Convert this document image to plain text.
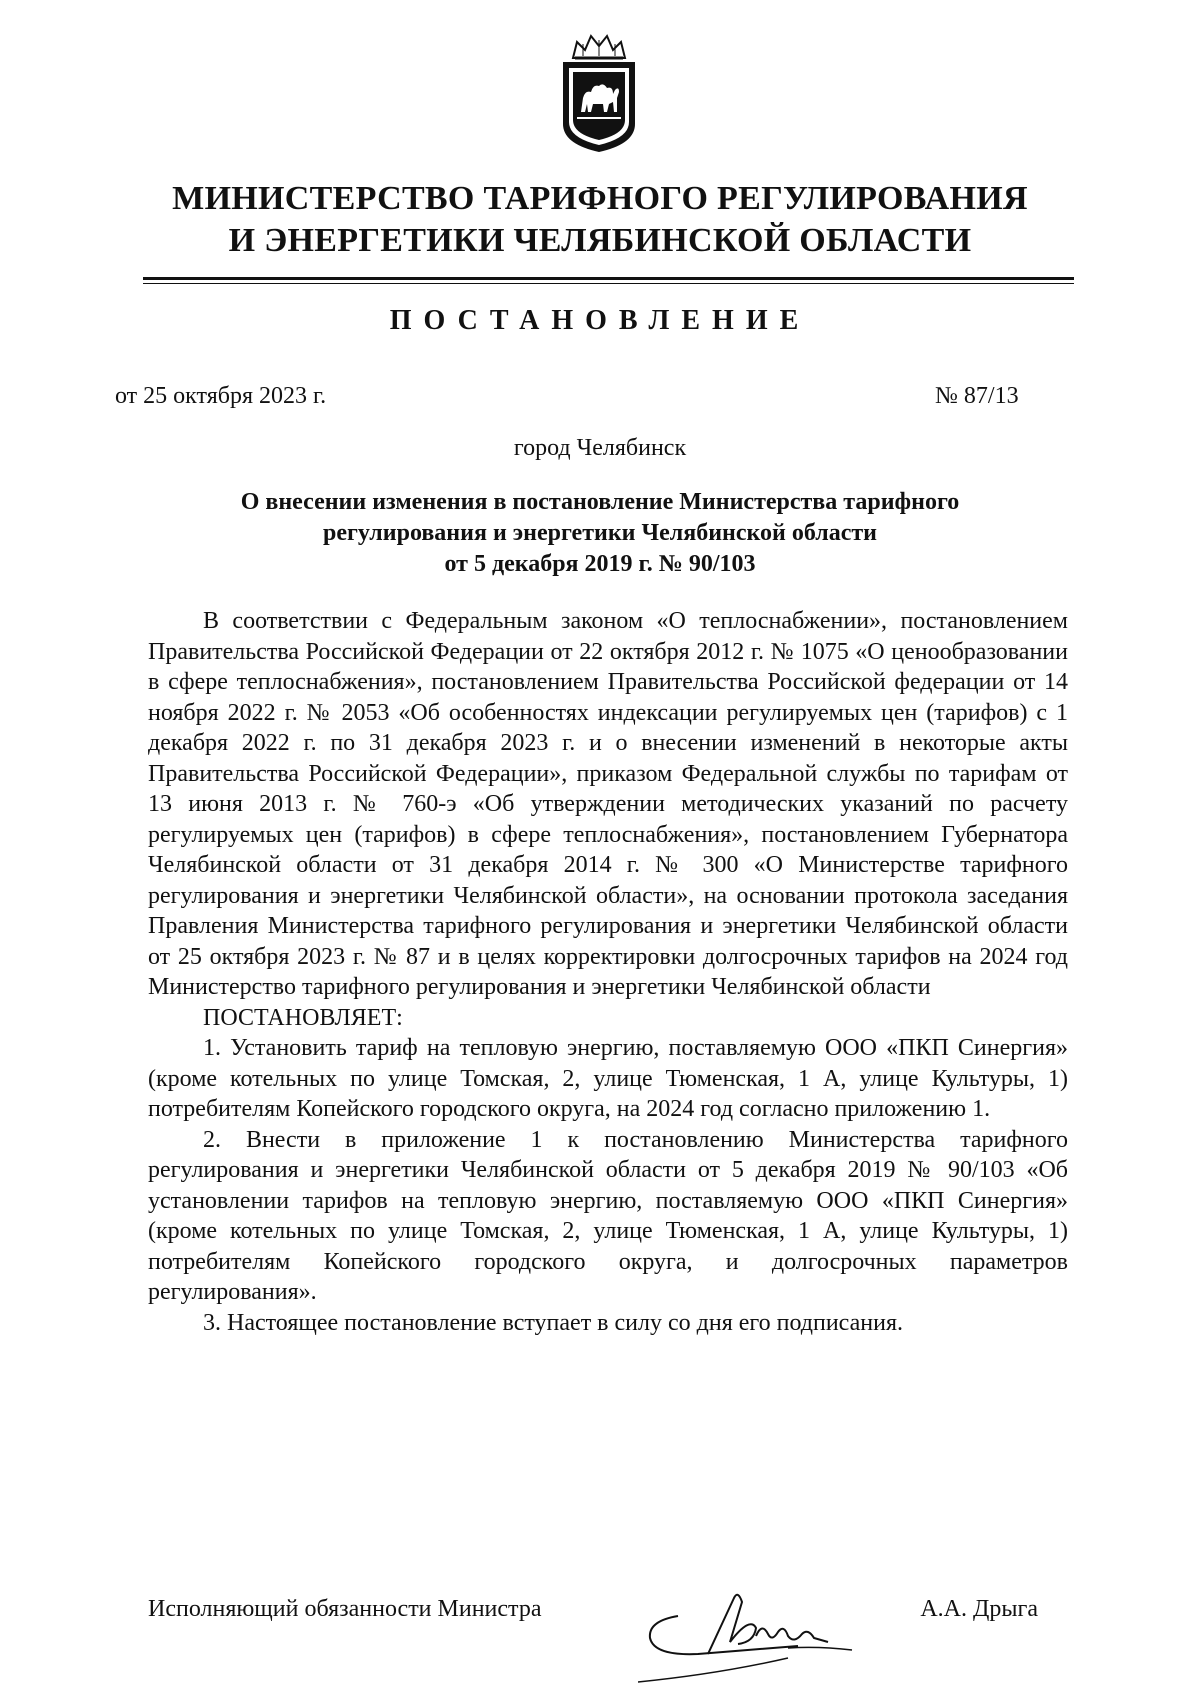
МИНИСТЕРСТВО ТАРИФНОГО РЕГУЛИРОВАНИЯ
И ЭНЕРГЕТИКИ ЧЕЛЯБИНСКОЙ ОБЛАСТИ
ПОСТАНОВЛЕНИЕ
от 25 октября 2023 г.	№ 87/13
город Челябинск
О внесении изменения в постановление Министерства тарифного
регулирования и энергетики Челябинской области
от 5 декабря 2019 г. № 90/103

В соответствии с Федеральным законом «О теплоснабжении», постановлением Правительства Российской Федерации от 22 октября 2012 г. № 1075 «О ценообразовании в сфере теплоснабжения», постановлением Правительства Российской федерации от 14 ноября 2022 г. № 2053 «Об особенностях индексации регулируемых цен (тарифов) с 1 декабря 2022 г. по 31 декабря 2023 г. и о внесении изменений в некоторые акты Правительства Российской Федерации», приказом Федеральной службы по тарифам от 13 июня 2013 г. № 760-э «Об утверждении методических указаний по расчету регулируемых цен (тарифов) в сфере теплоснабжения», постановлением Губернатора Челябинской области от 31 декабря 2014 г. № 300 «О Министерстве тарифного регулирования и энергетики Челябинской области», на основании протокола заседания Правления Министерства тарифного регулирования и энергетики Челябинской области от 25 октября 2023 г. № 87 и в целях корректировки долгосрочных тарифов на 2024 год Министерство тарифного регулирования и энергетики Челябинской области

ПОСТАНОВЛЯЕТ:

1. Установить тариф на тепловую энергию, поставляемую ООО «ПКП Синергия» (кроме котельных по улице Томская, 2, улице Тюменская, 1 А, улице Культуры, 1) потребителям Копейского городского округа, на 2024 год согласно приложению 1.

2. Внести в приложение 1 к постановлению Министерства тарифного регулирования и энергетики Челябинской области от 5 декабря 2019 № 90/103 «Об установлении тарифов на тепловую энергию, поставляемую ООО «ПКП Синергия» (кроме котельных по улице Томская, 2, улице Тюменская, 1 А, улице Культуры, 1) потребителям Копейского городского округа, и долгосрочных параметров регулирования».

3. Настоящее постановление вступает в силу со дня его подписания.

Исполняющий обязанности Министра	А.А. Дрыга
